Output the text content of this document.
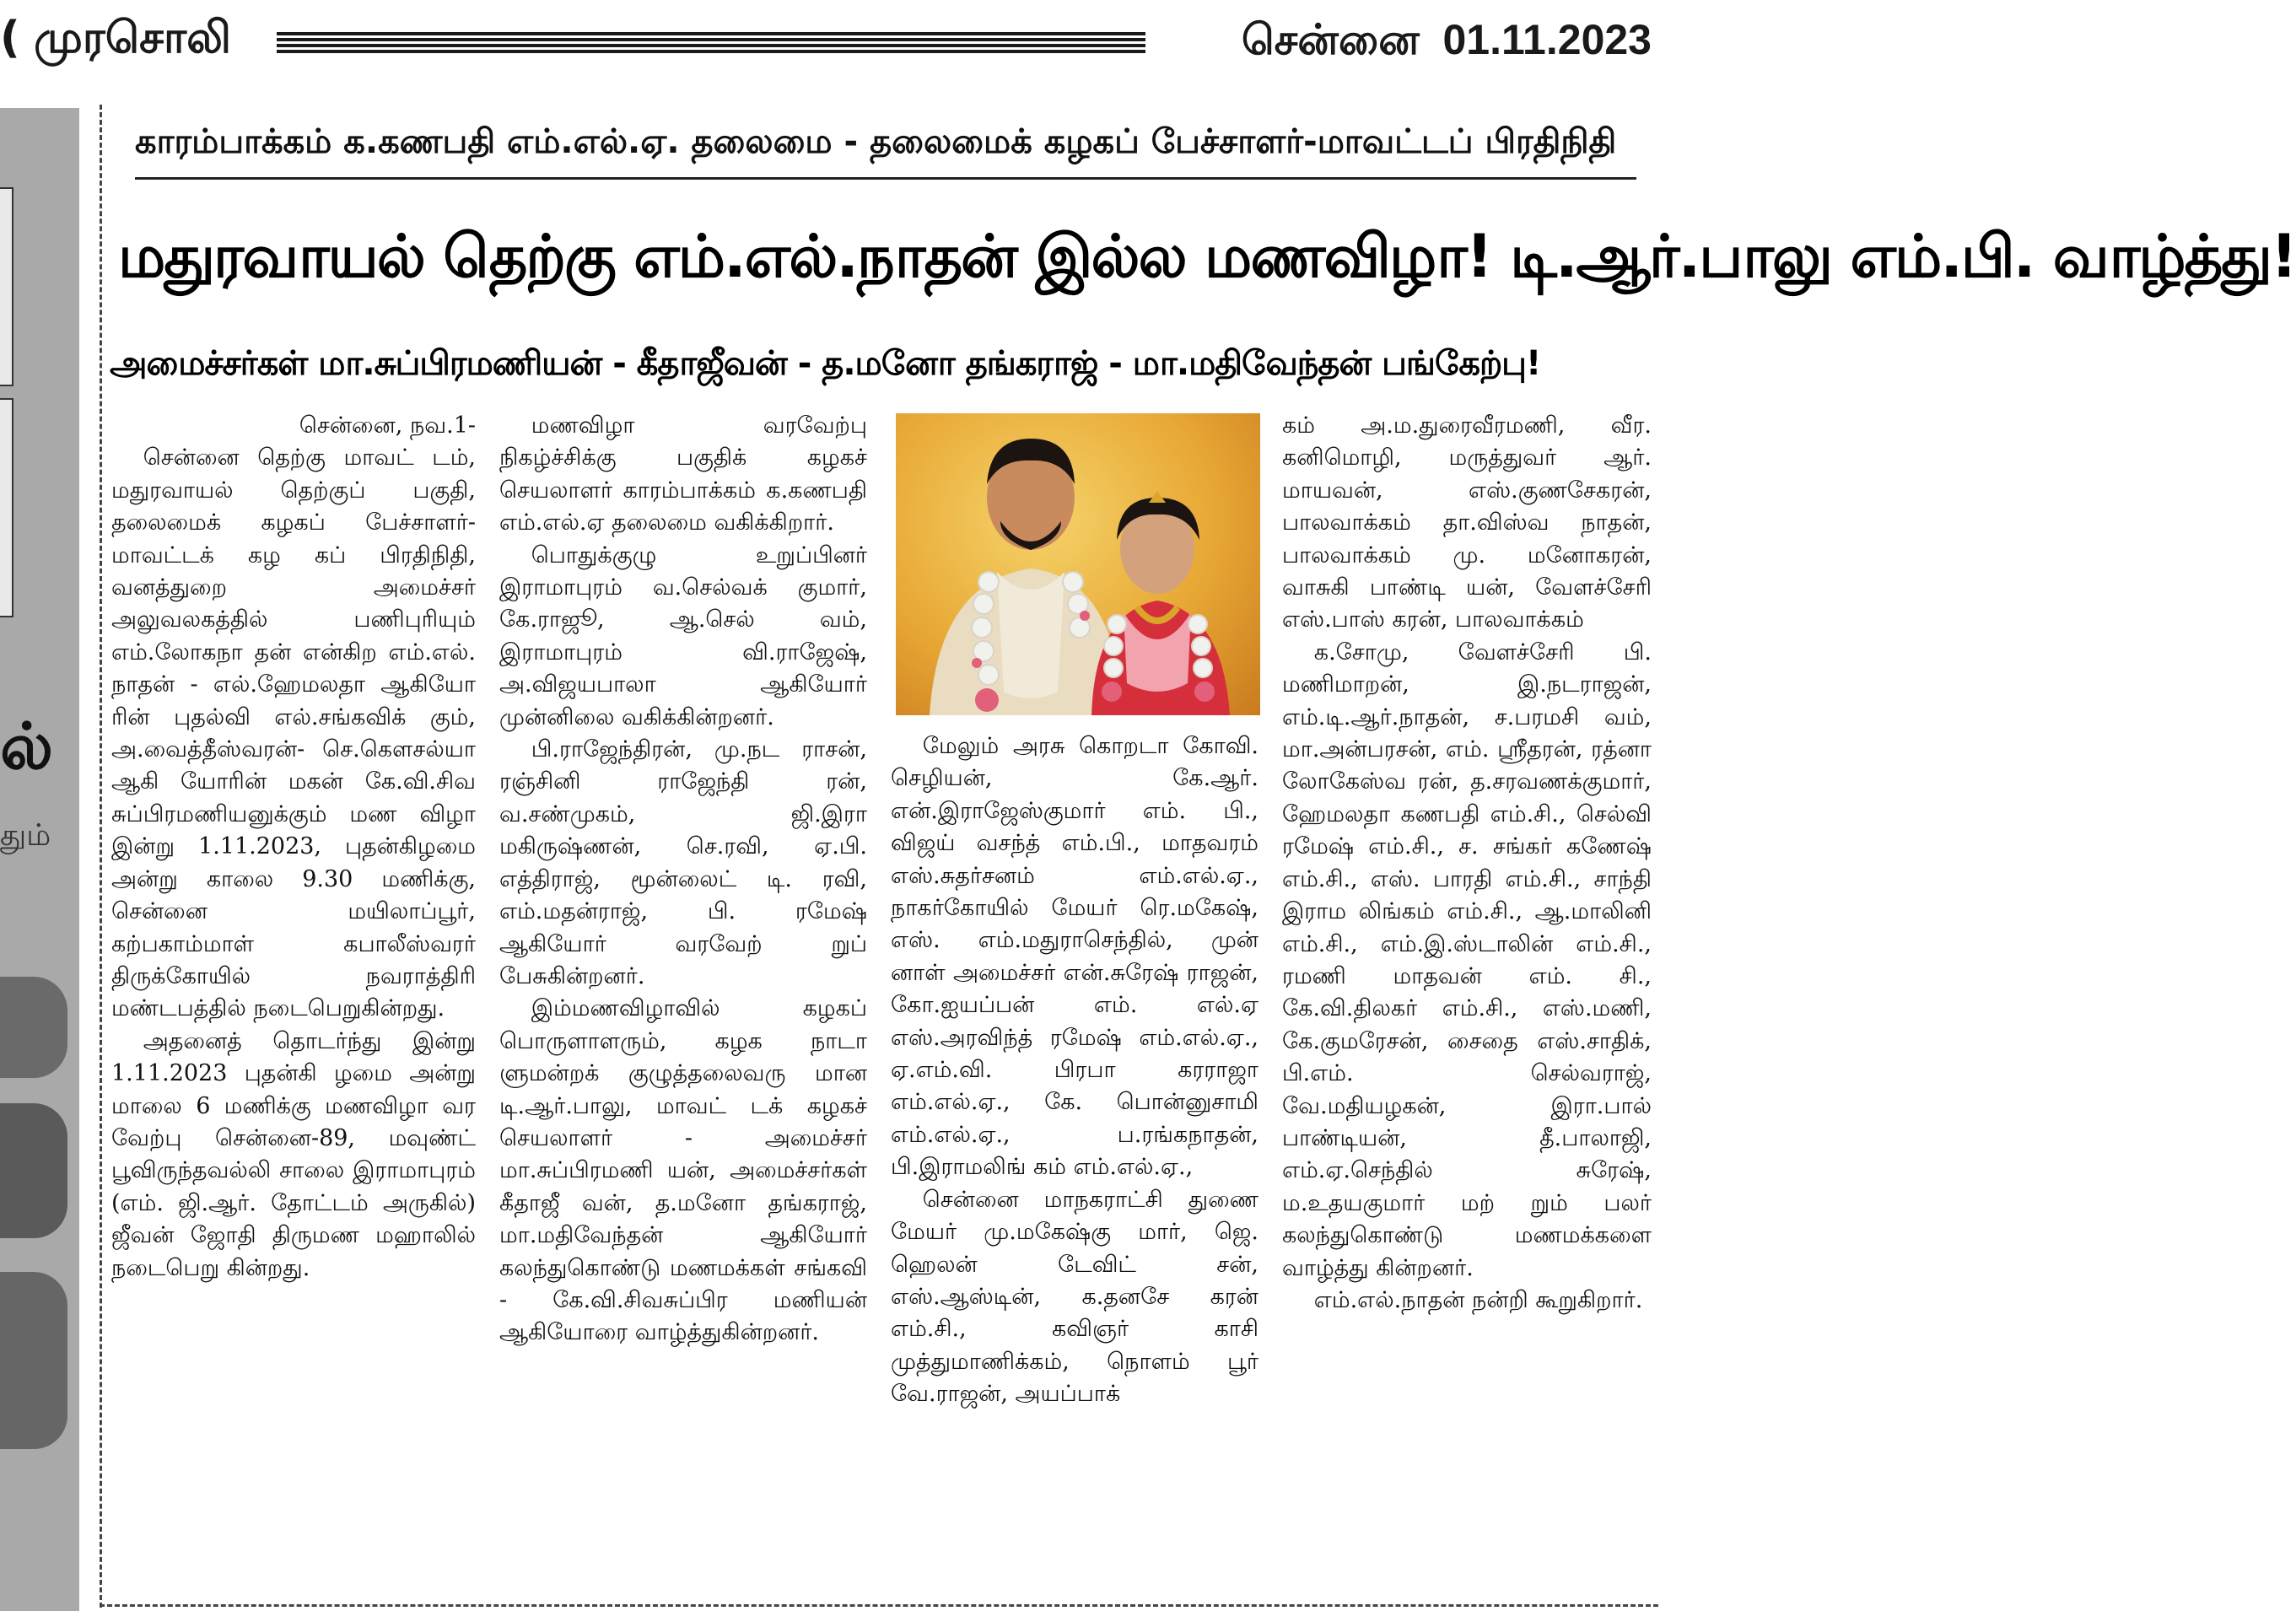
( முரசொலி	சென்னை 01.11.2023
ல்
தும்
காரம்பாக்கம் க.கணபதி எம்.எல்.ஏ. தலைமை - தலைமைக் கழகப் பேச்சாளர்-மாவட்டப் பிரதிநிதி
மதுரவாயல் தெற்கு எம்.எல்.நாதன் இல்ல மணவிழா! டி.ஆர்.பாலு எம்.பி. வாழ்த்து!
அமைச்சர்கள் மா.சுப்பிரமணியன் - கீதாஜீவன் - த.மனோ தங்கராஜ் - மா.மதிவேந்தன் பங்கேற்பு!

சென்னை, நவ.1-

சென்னை தெற்கு மாவட் டம், மதுரவாயல் தெற்குப் பகுதி, தலைமைக் கழகப் பேச்சாளர்- மாவட்டக் கழ கப் பிரதிநிதி, வனத்துறை அமைச்சர் அலுவலகத்தில் பணிபுரியும் எம்.லோகநா தன் என்கிற எம்.எல். நாதன் - எல்.ஹேமலதா ஆகியோ ரின் புதல்வி எல்.சங்கவிக் கும், அ.வைத்தீஸ்வரன்- செ.கௌசல்யா ஆகி யோரின் மகன் கே.வி.சிவ சுப்பிரமணியனுக்கும் மண விழா இன்று 1.11.2023, புதன்கிழமை அன்று காலை 9.30 மணிக்கு, சென்னை மயிலாப்பூர், கற்பகாம்மாள் கபாலீஸ்வரர் திருக்கோயில் நவராத்திரி மண்டபத்தில் நடைபெறுகின்றது.

அதனைத் தொடர்ந்து இன்று 1.11.2023 புதன்கி ழமை அன்று மாலை 6 மணிக்கு மணவிழா வர வேற்பு சென்னை-89, மவுண்ட் பூவிருந்தவல்லி சாலை இராமாபுரம் (எம். ஜி.ஆர். தோட்டம் அருகில்) ஜீவன் ஜோதி திருமண மஹாலில் நடைபெறு கின்றது.

மணவிழா வரவேற்பு நிகழ்ச்சிக்கு பகுதிக் கழகச் செயலாளர் காரம்பாக்கம் க.கணபதி எம்.எல்.ஏ தலைமை வகிக்கிறார்.

பொதுக்குழு உறுப்பினர் இராமாபுரம் வ.செல்வக் குமார், கே.ராஜூ, ஆ.செல் வம், இராமாபுரம் வி.ராஜேஷ், அ.விஜயபாலா ஆகியோர் முன்னிலை வகிக்கின்றனர்.

பி.ராஜேந்திரன், மு.நட ராசன், ரஞ்சினி ராஜேந்தி ரன், வ.சண்முகம், ஜி.இரா மகிருஷ்ணன், செ.ரவி, ஏ.பி. எத்திராஜ், மூன்லைட் டி. ரவி, எம்.மதன்ராஜ், பி. ரமேஷ் ஆகியோர் வரவேற் றுப் பேசுகின்றனர்.

இம்மணவிழாவில் கழகப் பொருளாளரும், கழக நாடா ளுமன்றக் குழுத்தலைவரு மான டி.ஆர்.பாலு, மாவட் டக் கழகச் செயலாளர் - அமைச்சர் மா.சுப்பிரமணி யன், அமைச்சர்கள் கீதாஜீ வன், த.மனோ தங்கராஜ், மா.மதிவேந்தன் ஆகியோர் கலந்துகொண்டு மணமக்கள் சங்கவி - கே.வி.சிவசுப்பிர மணியன் ஆகியோரை வாழ்த்துகின்றனர்.

மேலும் அரசு கொறடா கோவி. செழியன், கே.ஆர். என்.இராஜேஸ்குமார் எம். பி., விஜய் வசந்த் எம்.பி., மாதவரம் எஸ்.சுதர்சனம் எம்.எல்.ஏ., நாகர்கோயில் மேயர் ரெ.மகேஷ், எஸ். எம்.மதுராசெந்தில், முன் னாள் அமைச்சர் என்.சுரேஷ் ராஜன், கோ.ஐயப்பன் எம். எல்.ஏ எஸ்.அரவிந்த் ரமேஷ் எம்.எல்.ஏ., ஏ.எம்.வி. பிரபா கரராஜா எம்.எல்.ஏ., கே. பொன்னுசாமி எம்.எல்.ஏ., ப.ரங்கநாதன், பி.இராமலிங் கம் எம்.எல்.ஏ.,

சென்னை மாநகராட்சி துணை மேயர் மு.மகேஷ்கு மார், ஜெ. ஹெலன் டேவிட் சன், எஸ்.ஆஸ்டின், க.தனசே கரன் எம்.சி., கவிஞர் காசி முத்துமாணிக்கம், நொளம் பூர் வே.ராஜன், அயப்பாக்

கம் அ.ம.துரைவீரமணி, வீர. கனிமொழி, மருத்துவர் ஆர். மாயவன், எஸ்.குணசேகரன், பாலவாக்கம் தா.விஸ்வ நாதன், பாலவாக்கம் மு. மனோகரன், வாசுகி பாண்டி யன், வேளச்சேரி எஸ்.பாஸ் கரன், பாலவாக்கம்

க.சோமு, வேளச்சேரி பி. மணிமாறன், இ.நடராஜன், எம்.டி.ஆர்.நாதன், ச.பரமசி வம், மா.அன்பரசன், எம். ஸ்ரீதரன், ரத்னா லோகேஸ்வ ரன், த.சரவணக்குமார், ஹேமலதா கணபதி எம்.சி., செல்வி ரமேஷ் எம்.சி., ச. சங்கர் கணேஷ் எம்.சி., எஸ். பாரதி எம்.சி., சாந்தி இராம லிங்கம் எம்.சி., ஆ.மாலினி எம்.சி., எம்.இ.ஸ்டாலின் எம்.சி., ரமணி மாதவன் எம். சி., கே.வி.திலகர் எம்.சி., எஸ்.மணி, கே.குமரேசன், சைதை எஸ்.சாதிக், பி.எம். செல்வராஜ், வே.மதியழகன், இரா.பால் பாண்டியன், தீ.பாலாஜி, எம்.ஏ.செந்தில் சுரேஷ், ம.உதயகுமார் மற் றும் பலர் கலந்துகொண்டு மணமக்களை வாழ்த்து கின்றனர்.

எம்.எல்.நாதன் நன்றி கூறுகிறார்.
